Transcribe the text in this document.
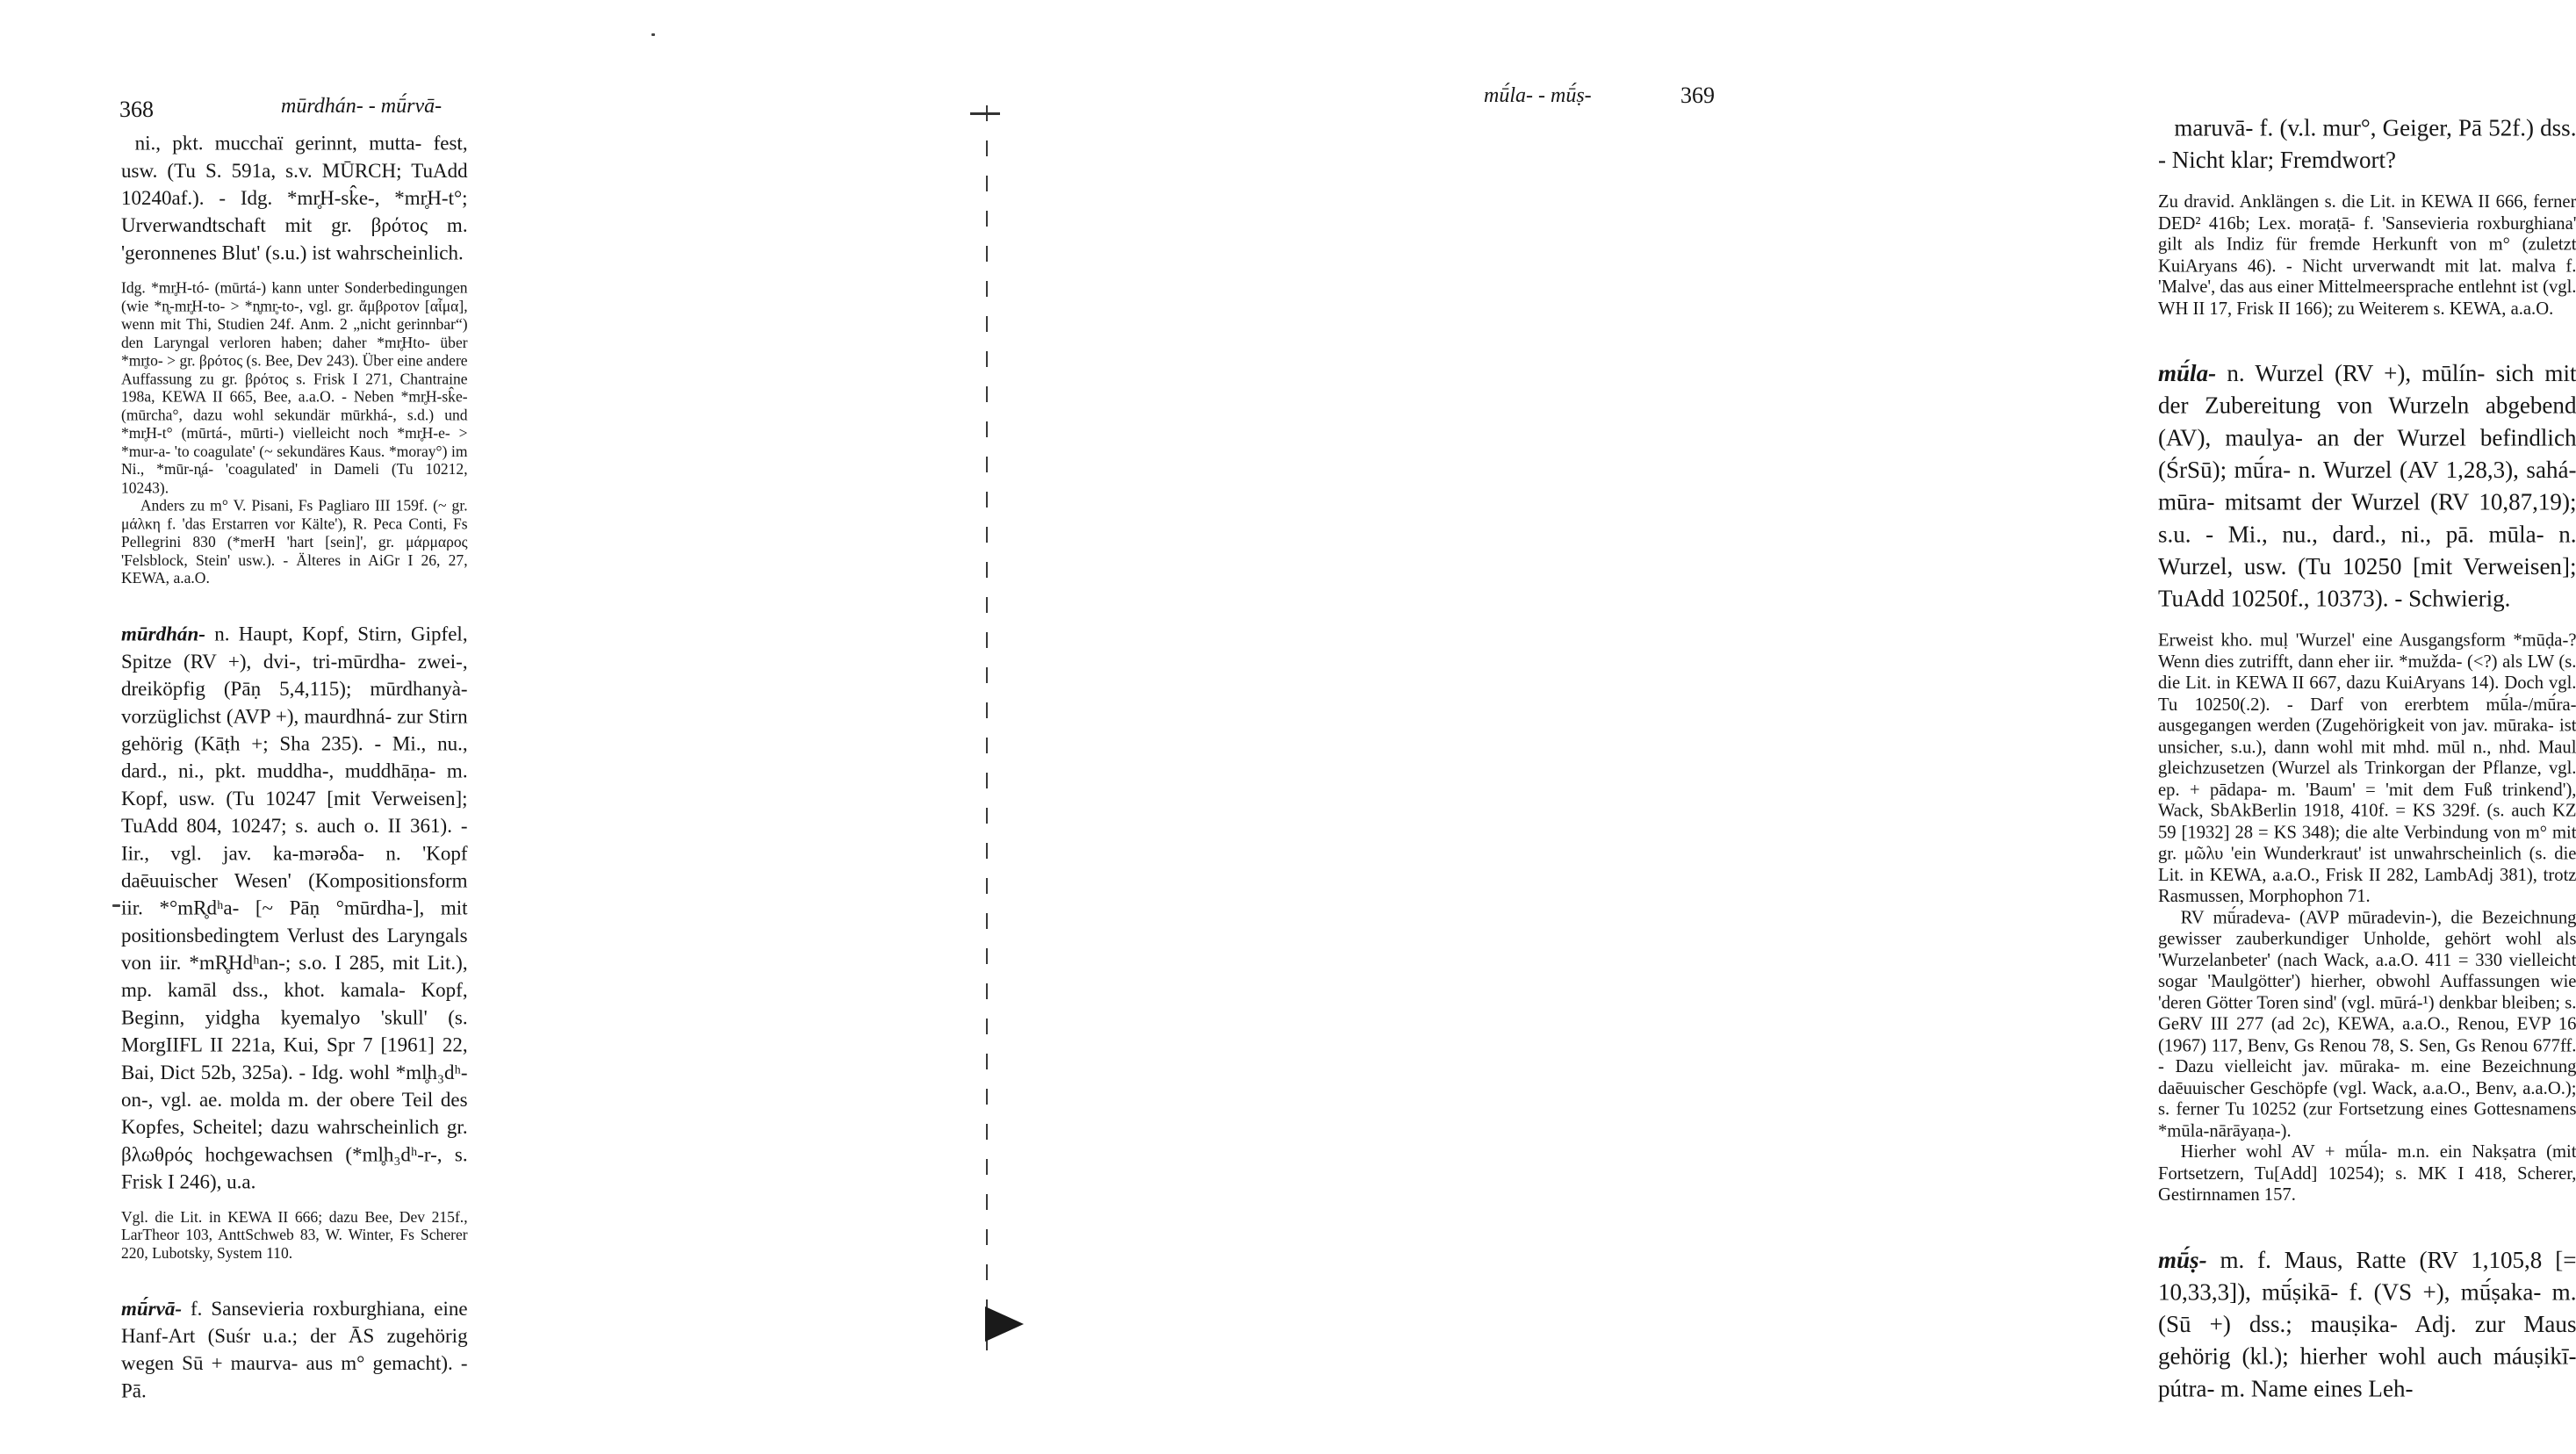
368	mūrdhán- - mū́rvā-

ni., pkt. mucchaï gerinnt, mutta- fest, usw. (Tu S. 591a, s.v. MŪRCH; TuAdd 10240af.). - Idg. *mr̥H-sk̂e-, *mr̥H-t°; Urverwandtschaft mit gr. βρότος m. 'geronnenes Blut' (s.u.) ist wahrscheinlich.

Idg. *mr̥H-tó- (mūrtá-) kann unter Sonderbedingungen (wie *n̥-mr̥H-to- > *n̥mr̥-to-, vgl. gr. ἄμβροτον [αἷμα], wenn mit Thi, Studien 24f. Anm. 2 „nicht gerinnbar“) den Laryngal verloren haben; daher *mr̥Hto- über *mr̥to- > gr. βρότος (s. Bee, Dev 243). Über eine andere Auffassung zu gr. βρότος s. Frisk I 271, Chantraine 198a, KEWA II 665, Bee, a.a.O. - Neben *mr̥H-sk̂e- (mūrcha°, dazu wohl sekundär mūrkhá-, s.d.) und *mr̥H-t° (mūrtá-, mūrti-) vielleicht noch *mr̥H-e- > *mur-a- 'to coagulate' (~ sekundäres Kaus. *moray°) im Ni., *mūr-n̥á- 'coagulated' in Dameli (Tu 10212, 10243).

Anders zu m° V. Pisani, Fs Pagliaro III 159f. (~ gr. μάλκη f. 'das Erstarren vor Kälte'), R. Peca Conti, Fs Pellegrini 830 (*merH 'hart [sein]', gr. μάρμαρος 'Felsblock, Stein' usw.). - Älteres in AiGr I 26, 27, KEWA, a.a.O.

mūrdhán- n. Haupt, Kopf, Stirn, Gipfel, Spitze (RV +), dvi-, tri-mūrdha- zwei-, dreiköpfig (Pāṇ 5,4,115); mūrdhanyà- vorzüglichst (AVP +), maurdhná- zur Stirn gehörig (Kāṭh +; Sha 235). - Mi., nu., dard., ni., pkt. muddha-, muddhāṇa- m. Kopf, usw. (Tu 10247 [mit Verweisen]; TuAdd 804, 10247; s. auch o. II 361). - Iir., vgl. jav. ka-mərəδa- n. 'Kopf daēuuischer Wesen' (Kompositionsform iir. *°mR̥dʰa- [~ Pāṇ °mūrdha-], mit positionsbedingtem Verlust des Laryngals von iir. *mR̥Hdʰan-; s.o. I 285, mit Lit.), mp. kamāl dss., khot. kamala- Kopf, Beginn, yidgha kyemalyo 'skull' (s. MorgIIFL II 221a, Kui, Spr 7 [1961] 22, Bai, Dict 52b, 325a). - Idg. wohl *ml̥h₃dʰ-on-, vgl. ae. molda m. der obere Teil des Kopfes, Scheitel; dazu wahrscheinlich gr. βλωθρός hochgewachsen (*ml̥h₃dʰ-r-, s. Frisk I 246), u.a.

Vgl. die Lit. in KEWA II 666; dazu Bee, Dev 215f., LarTheor 103, AnttSchweb 83, W. Winter, Fs Scherer 220, Lubotsky, System 110.

mū́rvā- f. Sansevieria roxburghiana, eine Hanf-Art (Suśr u.a.; der ĀS zugehörig wegen Sū + maurva- aus m° gemacht). - Pā.

mū́la- - mū́ṣ-	369

maruvā- f. (v.l. mur°, Geiger, Pā 52f.) dss. - Nicht klar; Fremdwort?

Zu dravid. Anklängen s. die Lit. in KEWA II 666, ferner DED² 416b; Lex. moraṭā- f. 'Sansevieria roxburghiana' gilt als Indiz für fremde Herkunft von m° (zuletzt KuiAryans 46). - Nicht urverwandt mit lat. malva f. 'Malve', das aus einer Mittelmeersprache entlehnt ist (vgl. WH II 17, Frisk II 166); zu Weiterem s. KEWA, a.a.O.

mū́la- n. Wurzel (RV +), mūlín- sich mit der Zubereitung von Wurzeln abgebend (AV), maulya- an der Wurzel befindlich (ŚrSū); mū́ra- n. Wurzel (AV 1,28,3), sahá-mūra- mitsamt der Wurzel (RV 10,87,19); s.u. - Mi., nu., dard., ni., pā. mūla- n. Wurzel, usw. (Tu 10250 [mit Verweisen]; TuAdd 10250f., 10373). - Schwierig.

Erweist kho. muḷ 'Wurzel' eine Ausgangsform *mūḍa-? Wenn dies zutrifft, dann eher iir. *mužda- (<?) als LW (s. die Lit. in KEWA II 667, dazu KuiAryans 14). Doch vgl. Tu 10250(.2). - Darf von ererbtem mū́la-/mū́ra- ausgegangen werden (Zugehörigkeit von jav. mūraka- ist unsicher, s.u.), dann wohl mit mhd. mūl n., nhd. Maul gleichzusetzen (Wurzel als Trinkorgan der Pflanze, vgl. ep. + pādapa- m. 'Baum' = 'mit dem Fuß trinkend'), Wack, SbAkBerlin 1918, 410f. = KS 329f. (s. auch KZ 59 [1932] 28 = KS 348); die alte Verbindung von m° mit gr. μῶλυ 'ein Wunderkraut' ist unwahrscheinlich (s. die Lit. in KEWA, a.a.O., Frisk II 282, LambAdj 381), trotz Rasmussen, Morphophon 71.

RV mū́radeva- (AVP mūradevin-), die Bezeichnung gewisser zauberkundiger Unholde, gehört wohl als 'Wurzelanbeter' (nach Wack, a.a.O. 411 = 330 vielleicht sogar 'Maulgötter') hierher, obwohl Auffassungen wie 'deren Götter Toren sind' (vgl. mūrá-¹) denkbar bleiben; s. GeRV III 277 (ad 2c), KEWA, a.a.O., Renou, EVP 16 (1967) 117, Benv, Gs Renou 78, S. Sen, Gs Renou 677ff. - Dazu vielleicht jav. mūraka- m. eine Bezeichnung daēuuischer Geschöpfe (vgl. Wack, a.a.O., Benv, a.a.O.); s. ferner Tu 10252 (zur Fortsetzung eines Gottesnamens *mūla-nārāyaṇa-).

Hierher wohl AV + mū́la- m.n. ein Nakṣatra (mit Fortsetzern, Tu[Add] 10254); s. MK I 418, Scherer, Gestirnnamen 157.

mū́ṣ- m. f. Maus, Ratte (RV 1,105,8 [= 10,33,3]), mū́ṣikā- f. (VS +), mū́ṣaka- m. (Sū +) dss.; mauṣika- Adj. zur Maus gehörig (kl.); hierher wohl auch máuṣikī-pútra- m. Name eines Leh-
